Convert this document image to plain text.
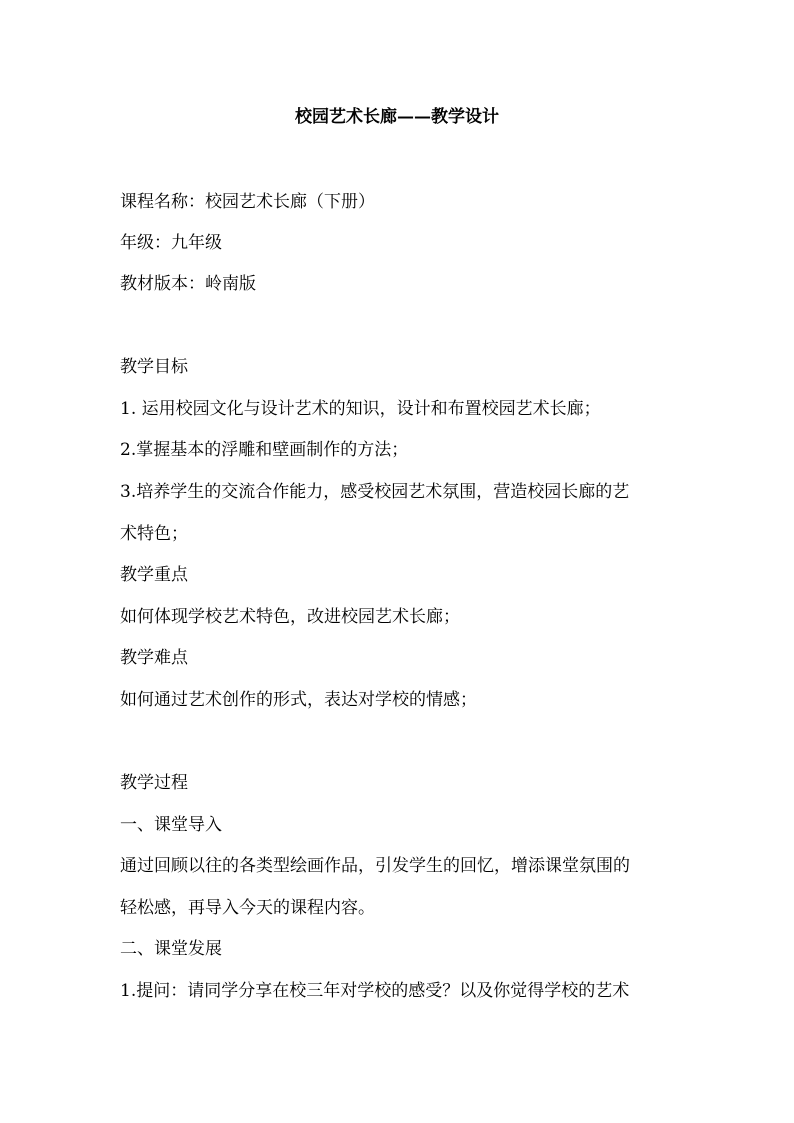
校园艺术长廊——教学设计
课程名称：校园艺术长廊（下册）
年级：九年级
教材版本：岭南版
教学目标
1. 运用校园文化与设计艺术的知识，设计和布置校园艺术长廊；
2.掌握基本的浮雕和壁画制作的方法；
3.培养学生的交流合作能力，感受校园艺术氛围，营造校园长廊的艺
术特色；
教学重点
如何体现学校艺术特色，改进校园艺术长廊；
教学难点
如何通过艺术创作的形式，表达对学校的情感；
教学过程
一、课堂导入
通过回顾以往的各类型绘画作品，引发学生的回忆，增添课堂氛围的
轻松感，再导入今天的课程内容。
二、课堂发展
1.提问：请同学分享在校三年对学校的感受？以及你觉得学校的艺术
